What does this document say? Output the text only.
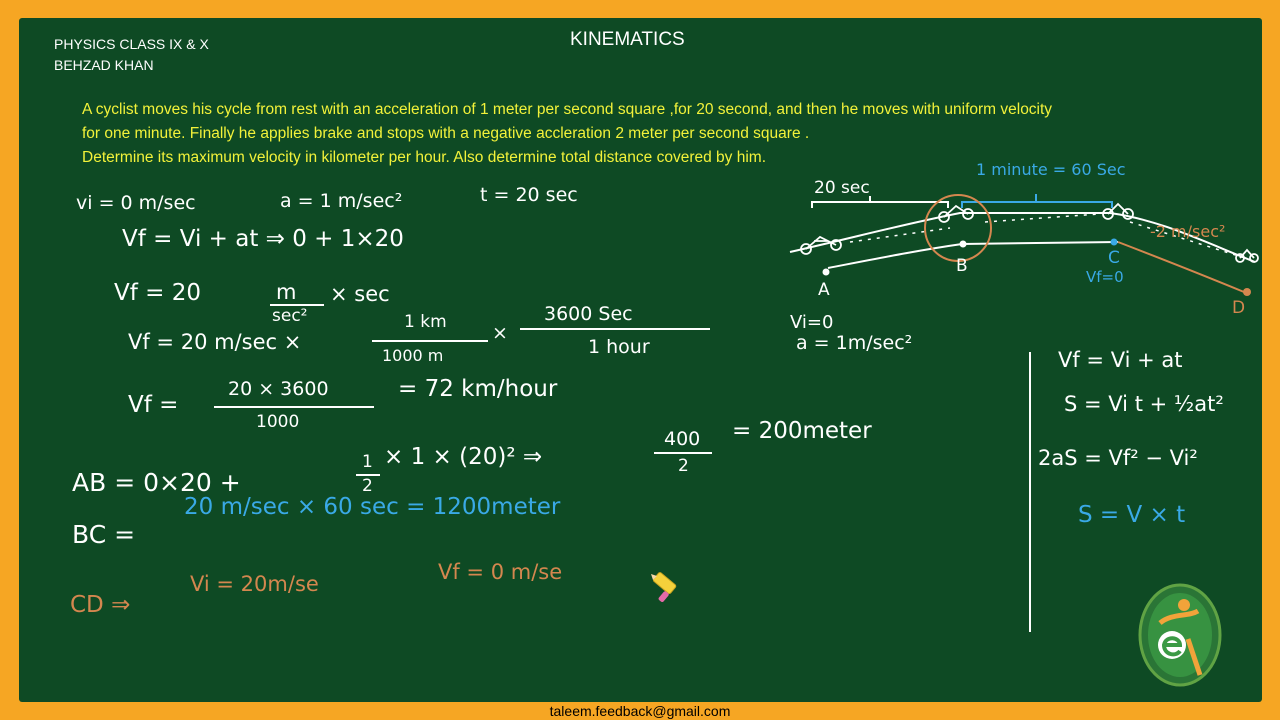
PHYSICS CLASS IX & X
BEHZAD KHAN
KINEMATICS
A cyclist moves his cycle from rest with an acceleration of 1 meter per second square ,for 20 second, and then he moves with uniform velocity
for one minute. Finally he applies brake and stops with a negative accleration 2 meter per second square .
Determine its maximum velocity in kilometer per hour. Also determine total distance covered by him.
vi = 0 m/sec	a = 1 m/sec²	t = 20 sec
Vf = Vi + at ⇒ 0 + 1×20
Vf = 20	m
sec²
× sec
Vf = 20 m/sec ×
1 km
1000 m
×
3600 Sec
1 hour
Vf =
20 × 3600
1000
= 72 km/hour
AB = 0×20 +
1
2
× 1 × (20)² ⇒
400
2
= 200meter
BC =
20 m/sec × 60 sec = 1200meter
CD ⇒
Vi = 20m/se	Vf = 0 m/se
20 sec
1 minute = 60 Sec
-2 m/sec²
A
B	C
D
Vf=0
Vi=0
a = 1m/sec²
Vf = Vi + at
S = Vi t + ½at²
2aS = Vf² − Vi²
S = V × t
taleem.feedback@gmail.com
